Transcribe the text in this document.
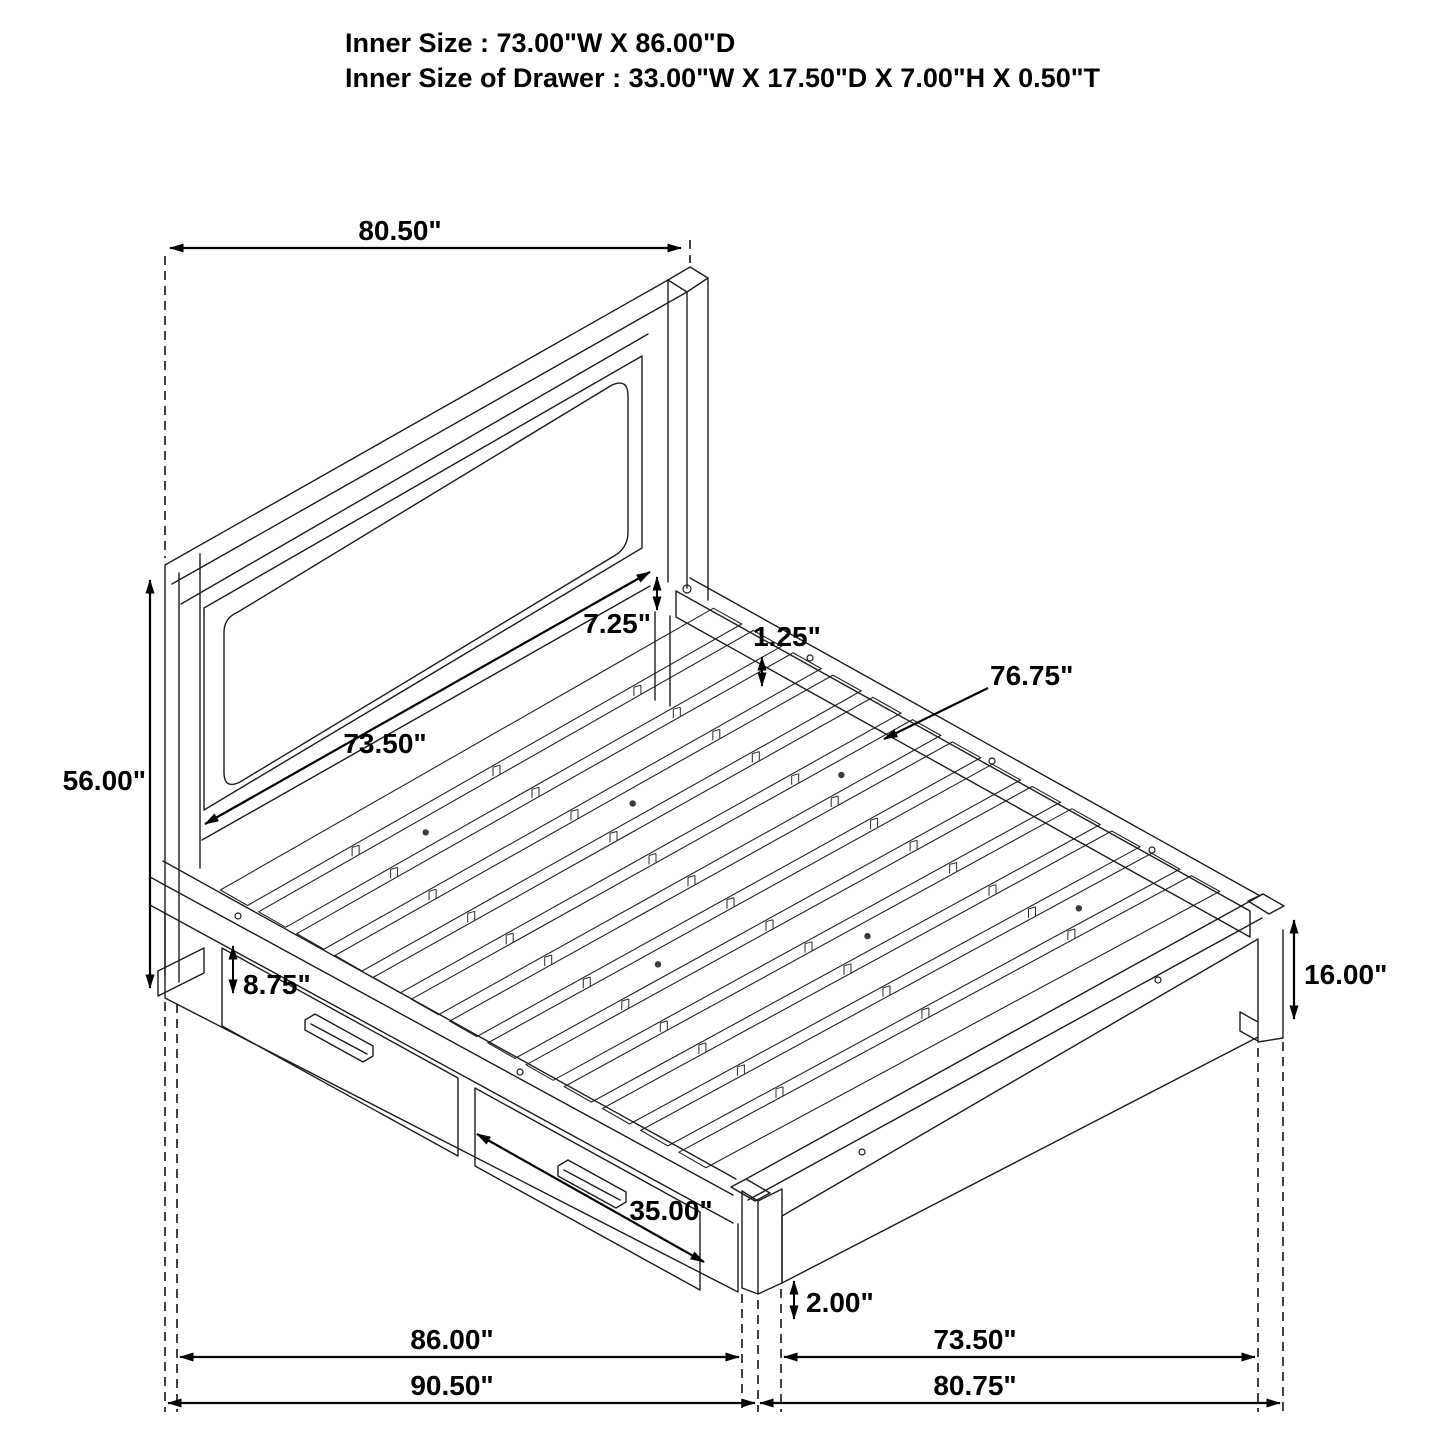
Inner Size : 73.00"W X 86.00"D
Inner Size of Drawer : 33.00"W X 17.50"D X 7.00"H X 0.50"T
80.50"
56.00"
73.50"
7.25"	1.25"
76.75"
8.75"
35.00"
16.00"
2.00"
86.00"
90.50"
73.50"
80.75"
